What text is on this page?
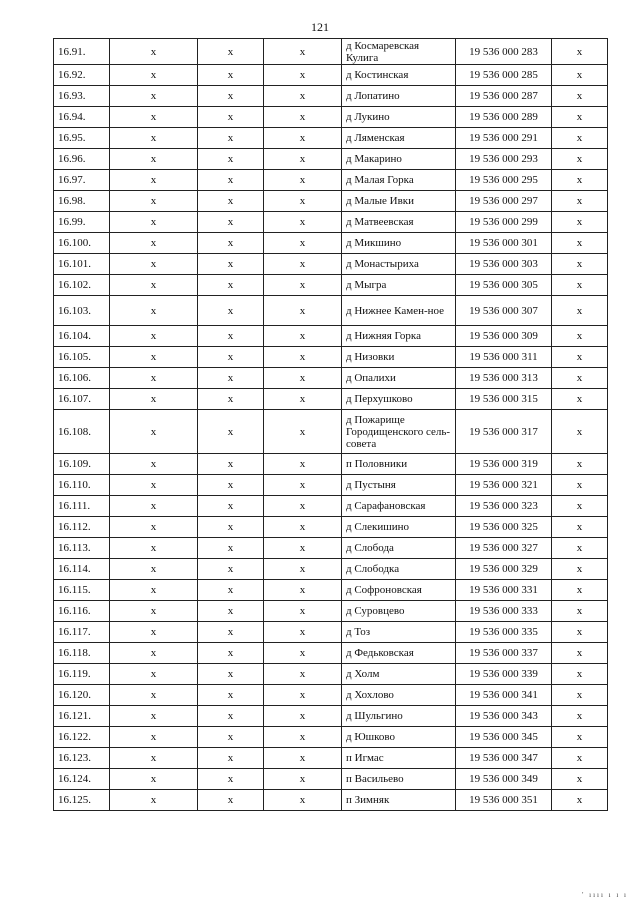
121
16.91.	x	x	x	д Космаревская Кулига	19 536 000 283	x
16.92.	x	x	x	д Костинская	19 536 000 285	x
16.93.	x	x	x	д Лопатино	19 536 000 287	x
16.94.	x	x	x	д Лукино	19 536 000 289	x
16.95.	x	x	x	д Ляменская	19 536 000 291	x
16.96.	x	x	x	д Макарино	19 536 000 293	x
16.97.	x	x	x	д Малая Горка	19 536 000 295	x
16.98.	x	x	x	д Малые Ивки	19 536 000 297	x
16.99.	x	x	x	д Матвеевская	19 536 000 299	x
16.100.	x	x	x	д Микшино	19 536 000 301	x
16.101.	x	x	x	д Монастыриха	19 536 000 303	x
16.102.	x	x	x	д Мыгра	19 536 000 305	x
16.103.	x	x	x	д Нижнее Камен-ное	19 536 000 307	x
16.104.	x	x	x	д Нижняя Горка	19 536 000 309	x
16.105.	x	x	x	д Низовки	19 536 000 311	x
16.106.	x	x	x	д Опалихи	19 536 000 313	x
16.107.	x	x	x	д Перхушково	19 536 000 315	x
16.108.	x	x	x	д Пожарище Городищенского сель-совета	19 536 000 317	x
16.109.	x	x	x	п Половники	19 536 000 319	x
16.110.	x	x	x	д Пустыня	19 536 000 321	x
16.111.	x	x	x	д Сарафановская	19 536 000 323	x
16.112.	x	x	x	д Слекишино	19 536 000 325	x
16.113.	x	x	x	д Слобода	19 536 000 327	x
16.114.	x	x	x	д Слободка	19 536 000 329	x
16.115.	x	x	x	д Софроновская	19 536 000 331	x
16.116.	x	x	x	д Суровцево	19 536 000 333	x
16.117.	x	x	x	д Тоз	19 536 000 335	x
16.118.	x	x	x	д Федьковская	19 536 000 337	x
16.119.	x	x	x	д Холм	19 536 000 339	x
16.120.	x	x	x	д Хохлово	19 536 000 341	x
16.121.	x	x	x	д Шульгино	19 536 000 343	x
16.122.	x	x	x	д Юшково	19 536 000 345	x
16.123.	x	x	x	п Игмас	19 536 000 347	x
16.124.	x	x	x	п Васильево	19 536 000 349	x
16.125.	x	x	x	п Зимняк	19 536 000 351	x
' ıııı ı ı ı
